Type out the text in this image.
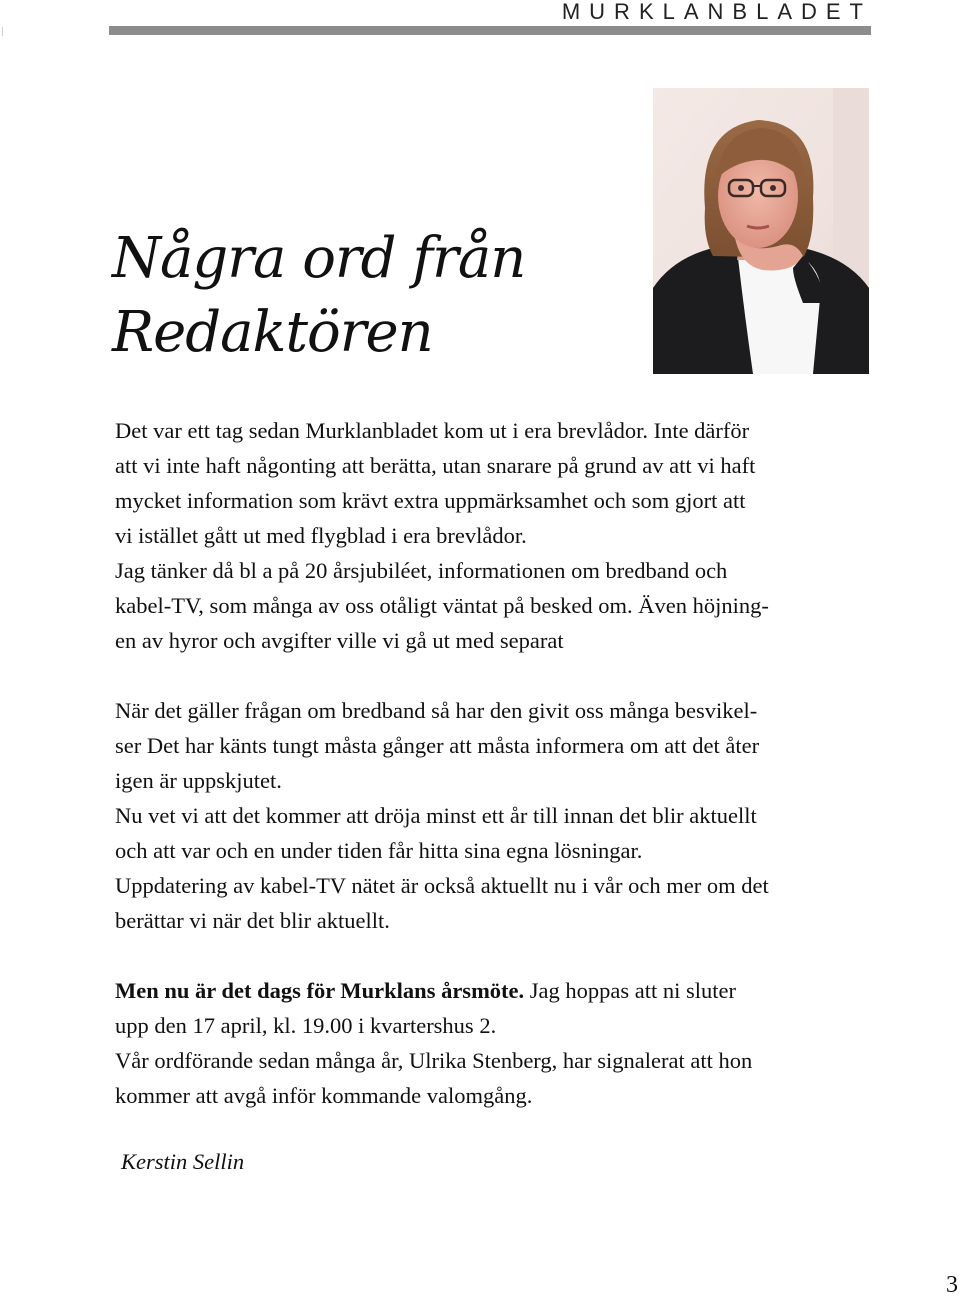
MURKLANBLADET
Några ord från
Redaktören

Det var ett tag sedan Murklanbladet kom ut i era brevlådor. Inte därför
att vi inte haft någonting att berätta, utan snarare på grund av att vi haft
mycket information som krävt extra uppmärksamhet och som gjort att
vi istället gått ut med flygblad i era brevlådor.

Jag tänker då bl a på 20 årsjubiléet, informationen om bredband och
kabel-TV, som många av oss otåligt väntat på besked om. Även höjning-
en av hyror och avgifter ville vi gå ut med separat

När det gäller frågan om bredband så har den givit oss många besvikel-
ser Det har känts tungt måsta gånger att måsta informera om att det åter
igen är uppskjutet.

Nu vet vi att det kommer att dröja minst ett år till innan det blir aktuellt
och att var och en under tiden får hitta sina egna lösningar.

Uppdatering av kabel-TV nätet är också aktuellt nu i vår och mer om det
berättar vi när det blir aktuellt.

Men nu är det dags för Murklans årsmöte. Jag hoppas att ni sluter
upp den 17 april, kl. 19.00 i kvartershus 2.

Vår ordförande sedan många år, Ulrika Stenberg, har signalerat att hon
kommer att avgå inför kommande valomgång.

Kerstin Sellin
3
